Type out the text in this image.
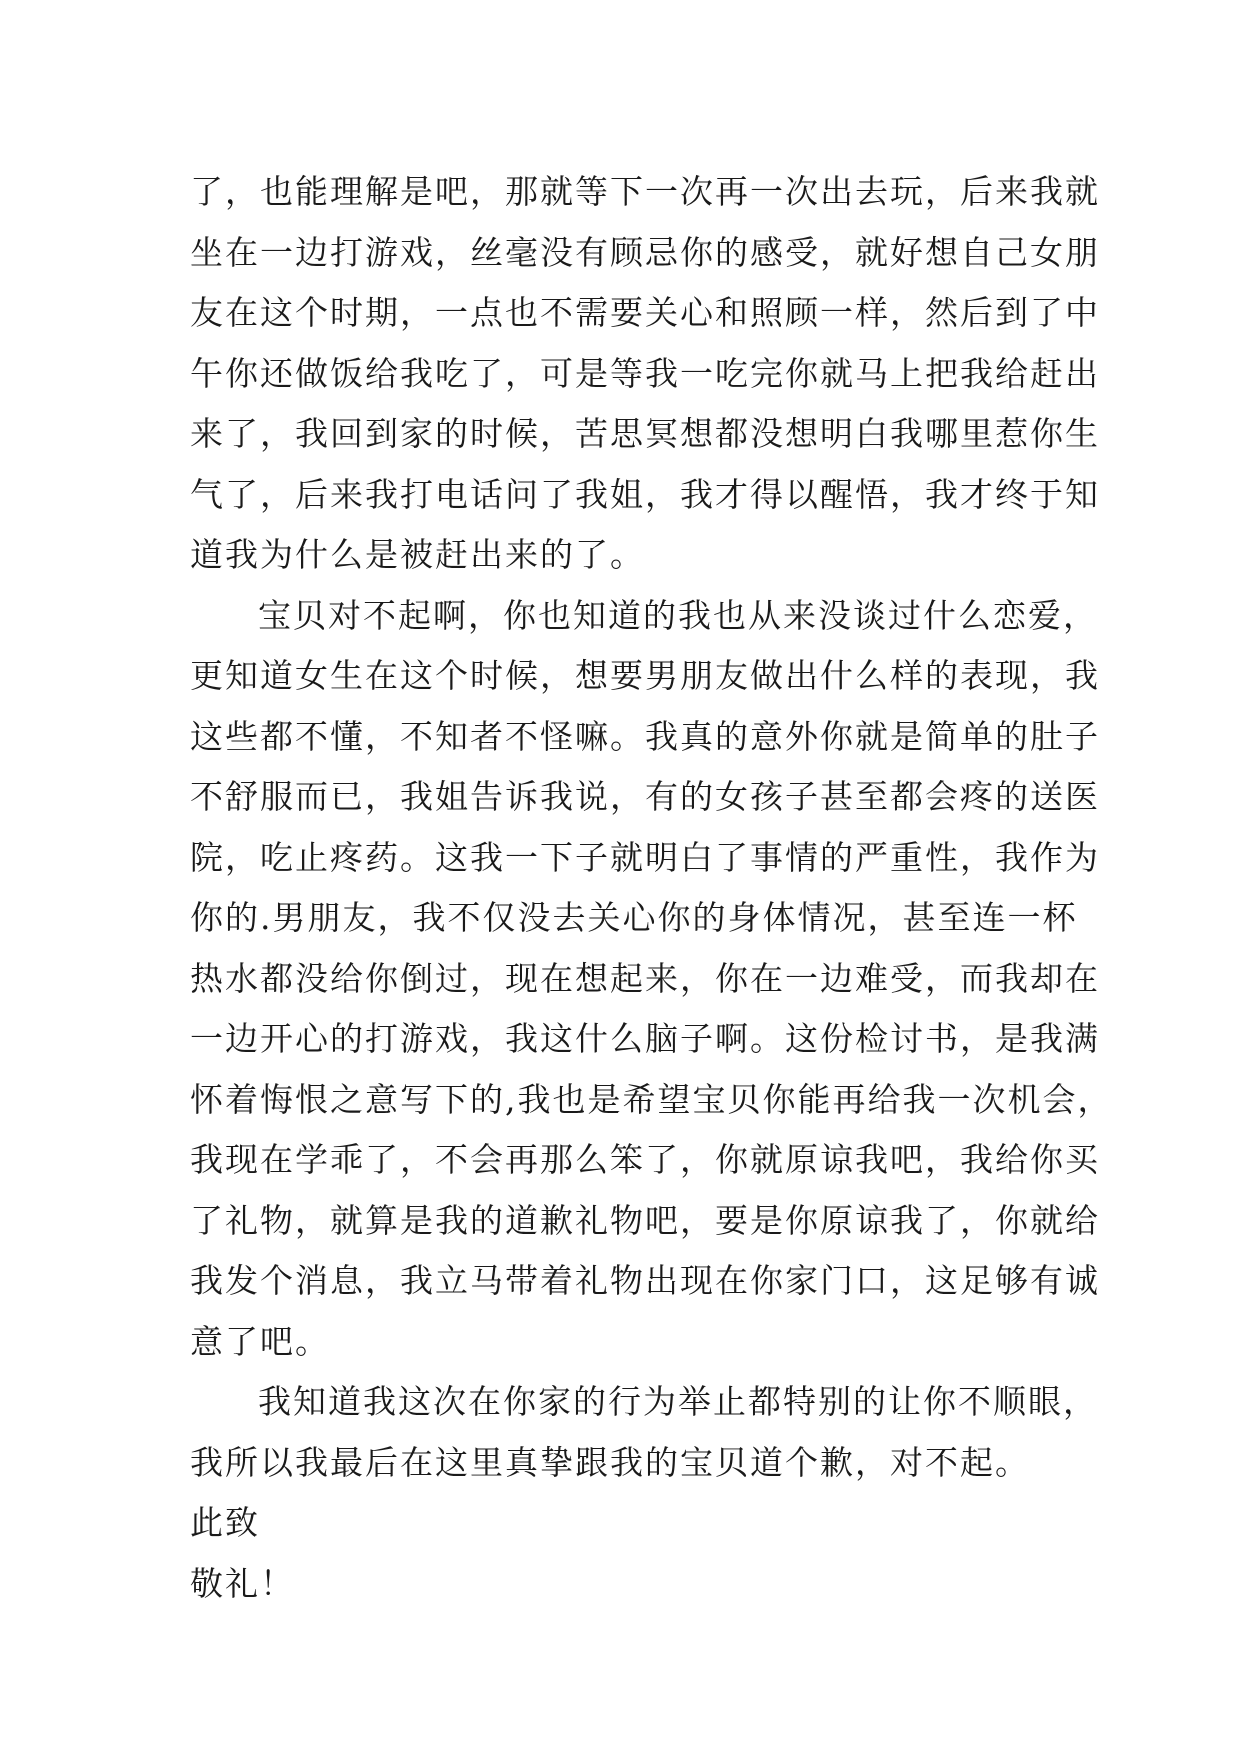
了，也能理解是吧，那就等下一次再一次出去玩，后来我就
坐在一边打游戏，丝毫没有顾忌你的感受，就好想自己女朋
友在这个时期，一点也不需要关心和照顾一样，然后到了中
午你还做饭给我吃了，可是等我一吃完你就马上把我给赶出
来了，我回到家的时候，苦思冥想都没想明白我哪里惹你生
气了，后来我打电话问了我姐，我才得以醒悟，我才终于知
道我为什么是被赶出来的了。
宝贝对不起啊，你也知道的我也从来没谈过什么恋爱，
更知道女生在这个时候，想要男朋友做出什么样的表现，我
这些都不懂，不知者不怪嘛。我真的意外你就是简单的肚子
不舒服而已，我姐告诉我说，有的女孩子甚至都会疼的送医
院，吃止疼药。这我一下子就明白了事情的严重性，我作为
你的.男朋友，我不仅没去关心你的身体情况，甚至连一杯
热水都没给你倒过，现在想起来，你在一边难受，而我却在
一边开心的打游戏，我这什么脑子啊。这份检讨书，是我满
怀着悔恨之意写下的,我也是希望宝贝你能再给我一次机会，
我现在学乖了，不会再那么笨了，你就原谅我吧，我给你买
了礼物，就算是我的道歉礼物吧，要是你原谅我了，你就给
我发个消息，我立马带着礼物出现在你家门口，这足够有诚
意了吧。
我知道我这次在你家的行为举止都特别的让你不顺眼，
我所以我最后在这里真挚跟我的宝贝道个歉，对不起。
此致
敬礼！
